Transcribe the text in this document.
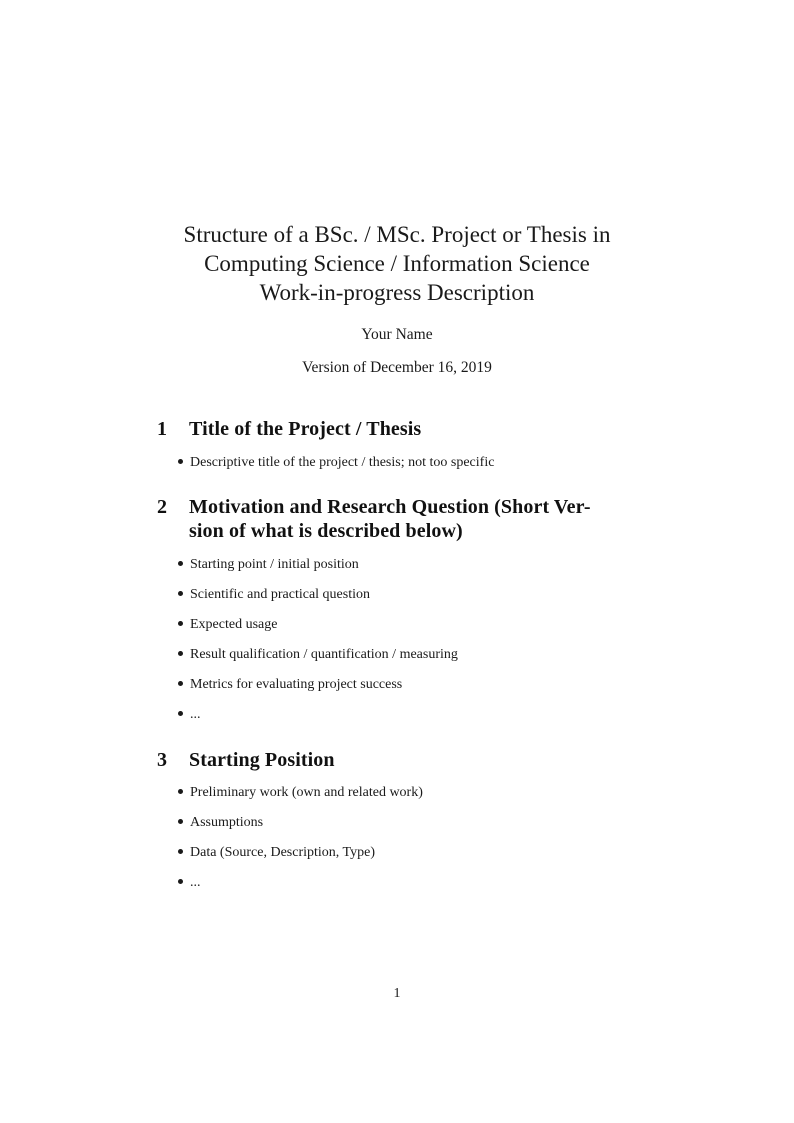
Structure of a BSc. / MSc. Project or Thesis in
Computing Science / Information Science
Work-in-progress Description
Your Name
Version of December 16, 2019
1	Title of the Project / Thesis
Descriptive title of the project / thesis; not too specific
2	Motivation and Research Question (Short Ver-
sion of what is described below)
Starting point / initial position
Scientific and practical question
Expected usage
Result qualification / quantification / measuring
Metrics for evaluating project success
...
3	Starting Position
Preliminary work (own and related work)
Assumptions
Data (Source, Description, Type)
...
1
